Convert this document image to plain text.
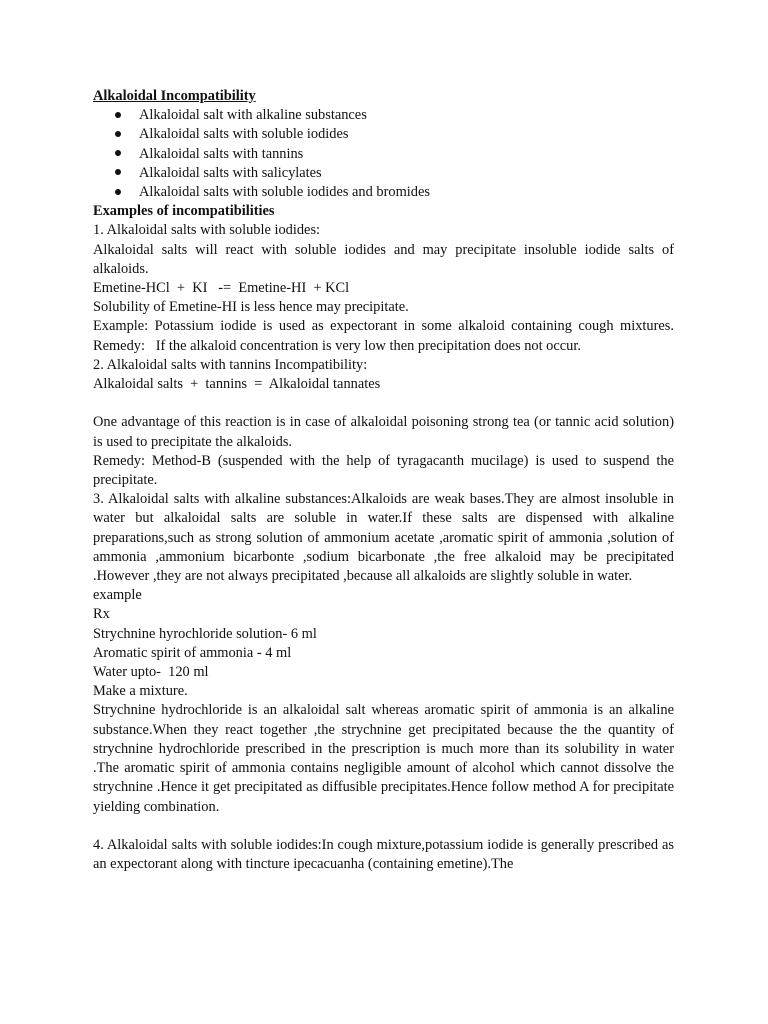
Alkaloidal Incompatibility

Alkaloidal salt with alkaline substances
Alkaloidal salts with soluble iodides
Alkaloidal salts with tannins
Alkaloidal salts with salicylates
Alkaloidal salts with soluble iodides and bromides

Examples of incompatibilities

1. Alkaloidal salts with soluble iodides:

Alkaloidal salts will react with soluble iodides and may precipitate insoluble iodide salts of alkaloids.

Emetine-HCl  +  KI   -=  Emetine-HI  + KCl

Solubility of Emetine-HI is less hence may precipitate.

Example: Potassium iodide is used as expectorant in some alkaloid containing cough mixtures. Remedy:   If the alkaloid concentration is very low then precipitation does not occur.

2. Alkaloidal salts with tannins Incompatibility:

Alkaloidal salts  +  tannins  =  Alkaloidal tannates

One advantage of this reaction is in case of alkaloidal poisoning strong tea (or tannic acid solution) is used to precipitate the alkaloids.

Remedy: Method-B (suspended with the help of tyragacanth mucilage) is used to suspend the precipitate.

3. Alkaloidal salts with alkaline substances:Alkaloids are weak bases.They are almost insoluble in water but alkaloidal salts are soluble in water.If these salts are dispensed with alkaline preparations,such as strong solution of ammonium acetate ,aromatic spirit of ammonia ,solution of ammonia ,ammonium bicarbonte ,sodium bicarbonate ,the free alkaloid may be precipitated .However ,they are not always precipitated ,because all alkaloids are slightly soluble in water.

example

Rx

Strychnine hyrochloride solution- 6 ml

Aromatic spirit of ammonia - 4 ml

Water upto-  120 ml

Make a mixture.

Strychnine hydrochloride is an alkaloidal salt whereas aromatic spirit of ammonia is an alkaline substance.When they react together ,the strychnine get precipitated because the the quantity of strychnine hydrochloride prescribed in the prescription is much more than its solubility in water .The aromatic spirit of ammonia contains negligible amount of alcohol which cannot dissolve the strychnine .Hence it get precipitated as diffusible precipitates.Hence follow method A for precipitate yielding combination.

4. Alkaloidal salts with soluble iodides:In cough mixture,potassium iodide is generally prescribed as an expectorant along with tincture ipecacuanha (containing emetine).The
